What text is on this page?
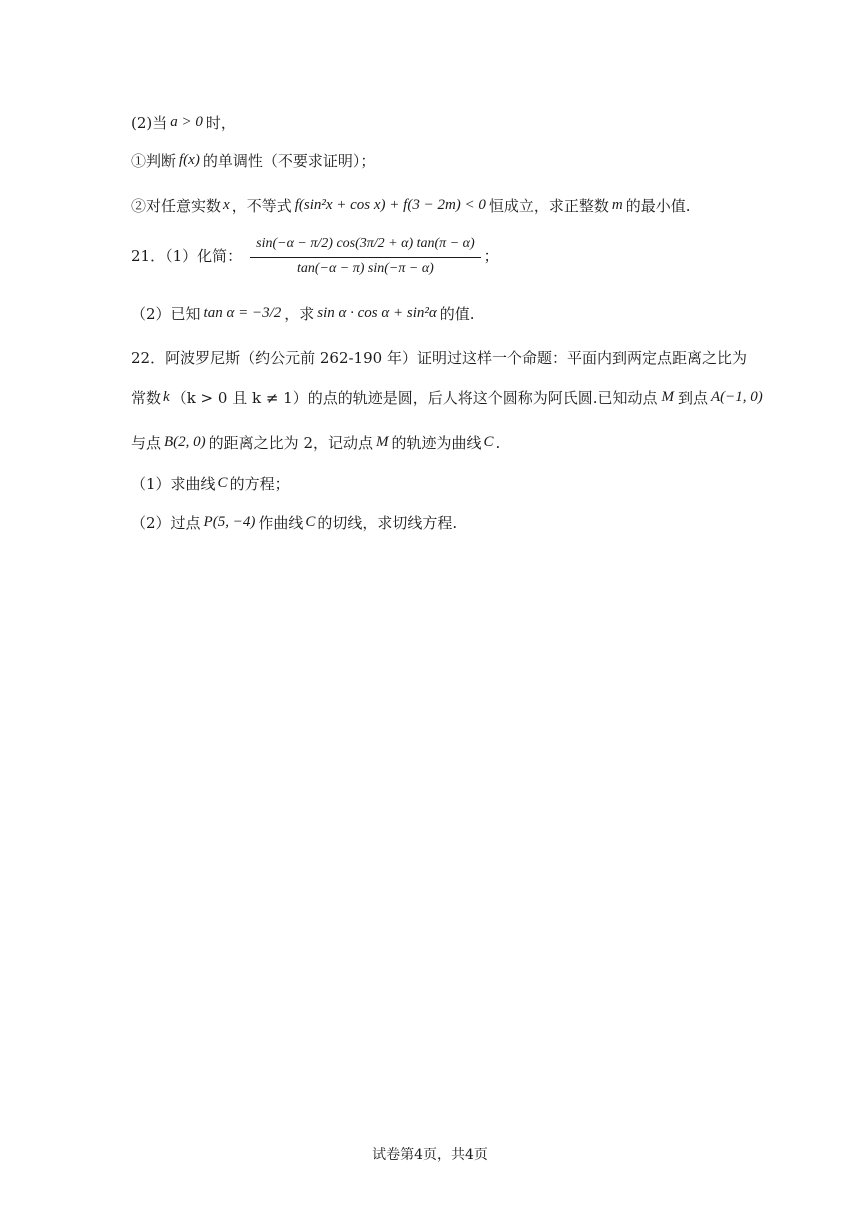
(2)当 a > 0 时，
①判断 f(x) 的单调性（不要求证明）；
②对任意实数 x ，不等式 f(sin²x + cos x) + f(3 − 2m) < 0 恒成立，求正整数 m 的最小值.
21．（1）化简： $\frac{\sin(-\alpha - \pi/2) \cos(3\pi/2 + \alpha) \tan(\pi - \alpha)}{\tan(-\alpha - \pi) \sin(-\pi - \alpha)}$ ；
（2）已知 tan α = −3/2 ，求 sin α · cos α + sin²α 的值.
22．阿波罗尼斯（约公元前 262-190 年）证明过这样一个命题：平面内到两定点距离之比为
常数 k （k > 0 且 k ≠ 1） 的点的轨迹是圆，后人将这个圆称为阿氏圆.已知动点 M 到点 A(−1, 0)
与点 B(2, 0) 的距离之比为 2，记动点 M 的轨迹为曲线 C .
（1）求曲线 C 的方程；
（2）过点 P(5, −4) 作曲线 C 的切线，求切线方程.
试卷第4页，共4页
